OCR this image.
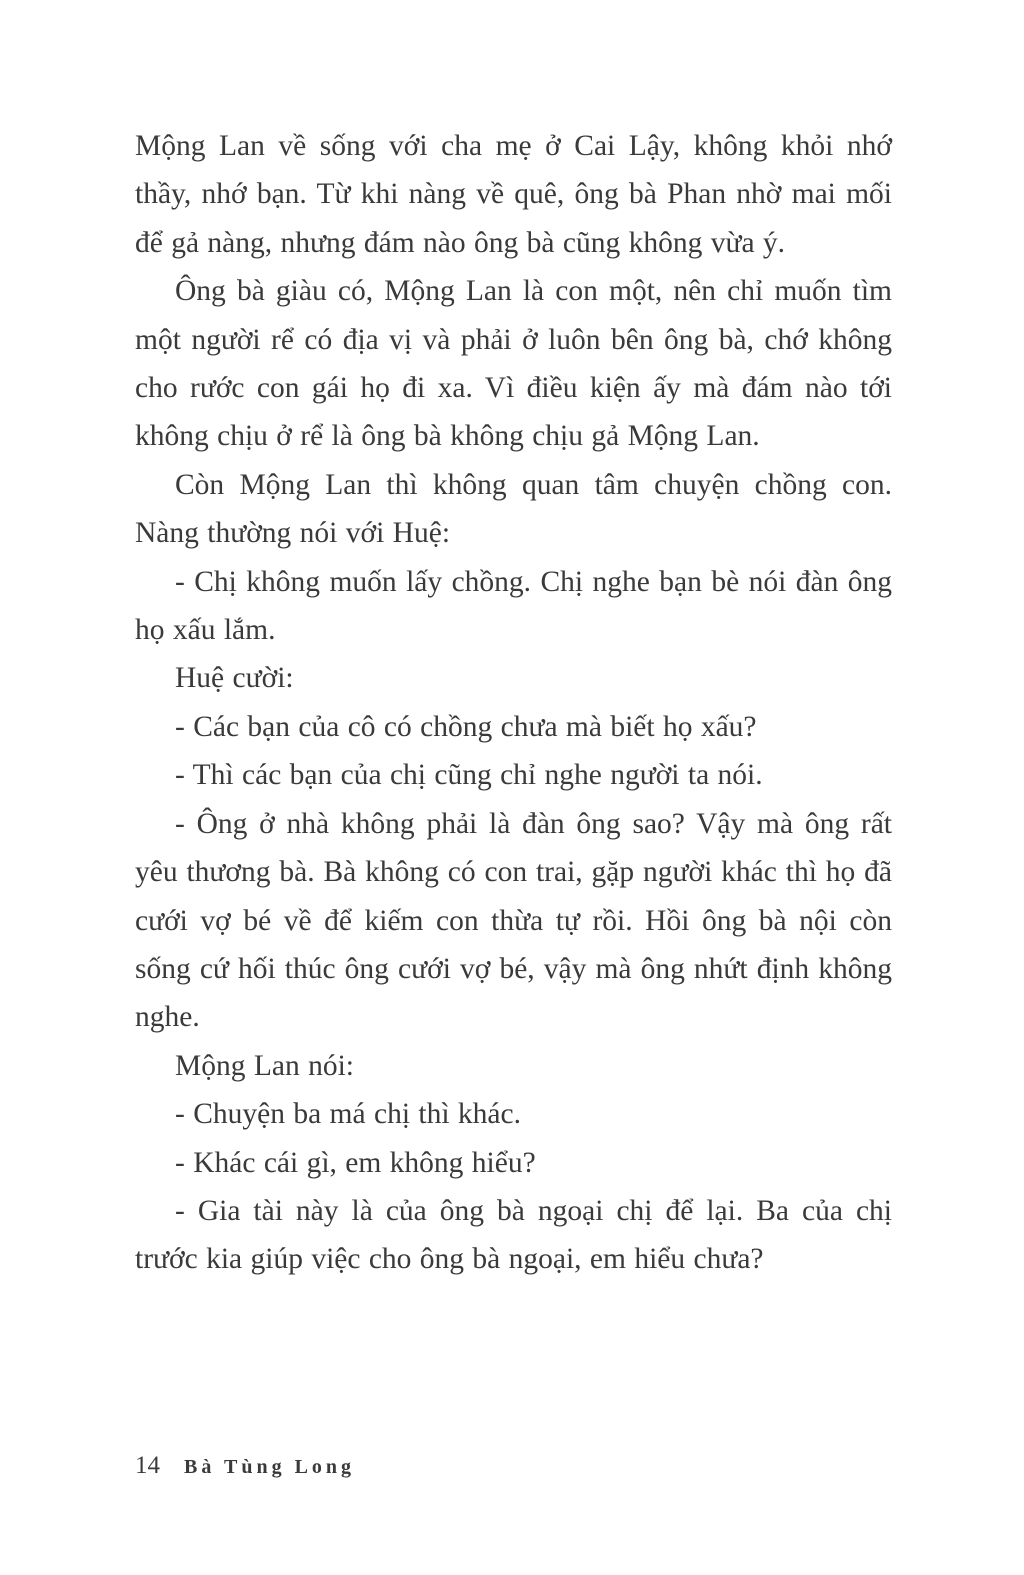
Mộng Lan về sống với cha mẹ ở Cai Lậy, không khỏi nhớ thầy, nhớ bạn. Từ khi nàng về quê, ông bà Phan nhờ mai mối để gả nàng, nhưng đám nào ông bà cũng không vừa ý.

Ông bà giàu có, Mộng Lan là con một, nên chỉ muốn tìm một người rể có địa vị và phải ở luôn bên ông bà, chớ không cho rước con gái họ đi xa. Vì điều kiện ấy mà đám nào tới không chịu ở rể là ông bà không chịu gả Mộng Lan.

Còn Mộng Lan thì không quan tâm chuyện chồng con. Nàng thường nói với Huệ:

- Chị không muốn lấy chồng. Chị nghe bạn bè nói đàn ông họ xấu lắm.

Huệ cười:

- Các bạn của cô có chồng chưa mà biết họ xấu?

- Thì các bạn của chị cũng chỉ nghe người ta nói.

- Ông ở nhà không phải là đàn ông sao? Vậy mà ông rất yêu thương bà. Bà không có con trai, gặp người khác thì họ đã cưới vợ bé về để kiếm con thừa tự rồi. Hồi ông bà nội còn sống cứ hối thúc ông cưới vợ bé, vậy mà ông nhứt định không nghe.

Mộng Lan nói:

- Chuyện ba má chị thì khác.

- Khác cái gì, em không hiểu?

- Gia tài này là của ông bà ngoại chị để lại. Ba của chị trước kia giúp việc cho ông bà ngoại, em hiểu chưa?

14 Bà Tùng Long
